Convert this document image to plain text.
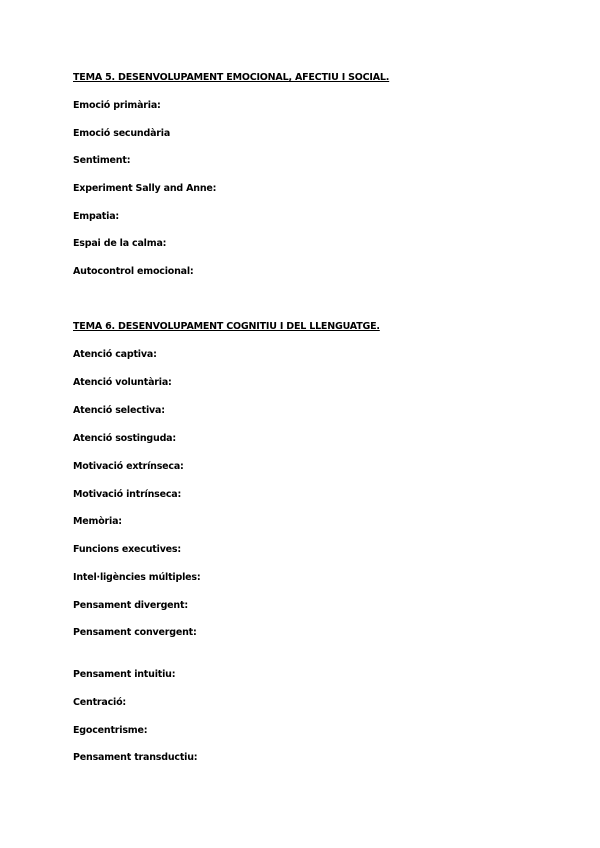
TEMA 5. DESENVOLUPAMENT EMOCIONAL, AFECTIU I SOCIAL.
Emoció primària:
Emoció secundària
Sentiment:
Experiment Sally and Anne:
Empatia:
Espai de la calma:
Autocontrol emocional:
TEMA 6. DESENVOLUPAMENT COGNITIU I DEL LLENGUATGE.
Atenció captiva:
Atenció voluntària:
Atenció selectiva:
Atenció sostinguda:
Motivació extrínseca:
Motivació intrínseca:
Memòria:
Funcions executives:
Intel·ligències múltiples:
Pensament divergent:
Pensament convergent:
Pensament intuitiu:
Centració:
Egocentrisme:
Pensament transductiu:
